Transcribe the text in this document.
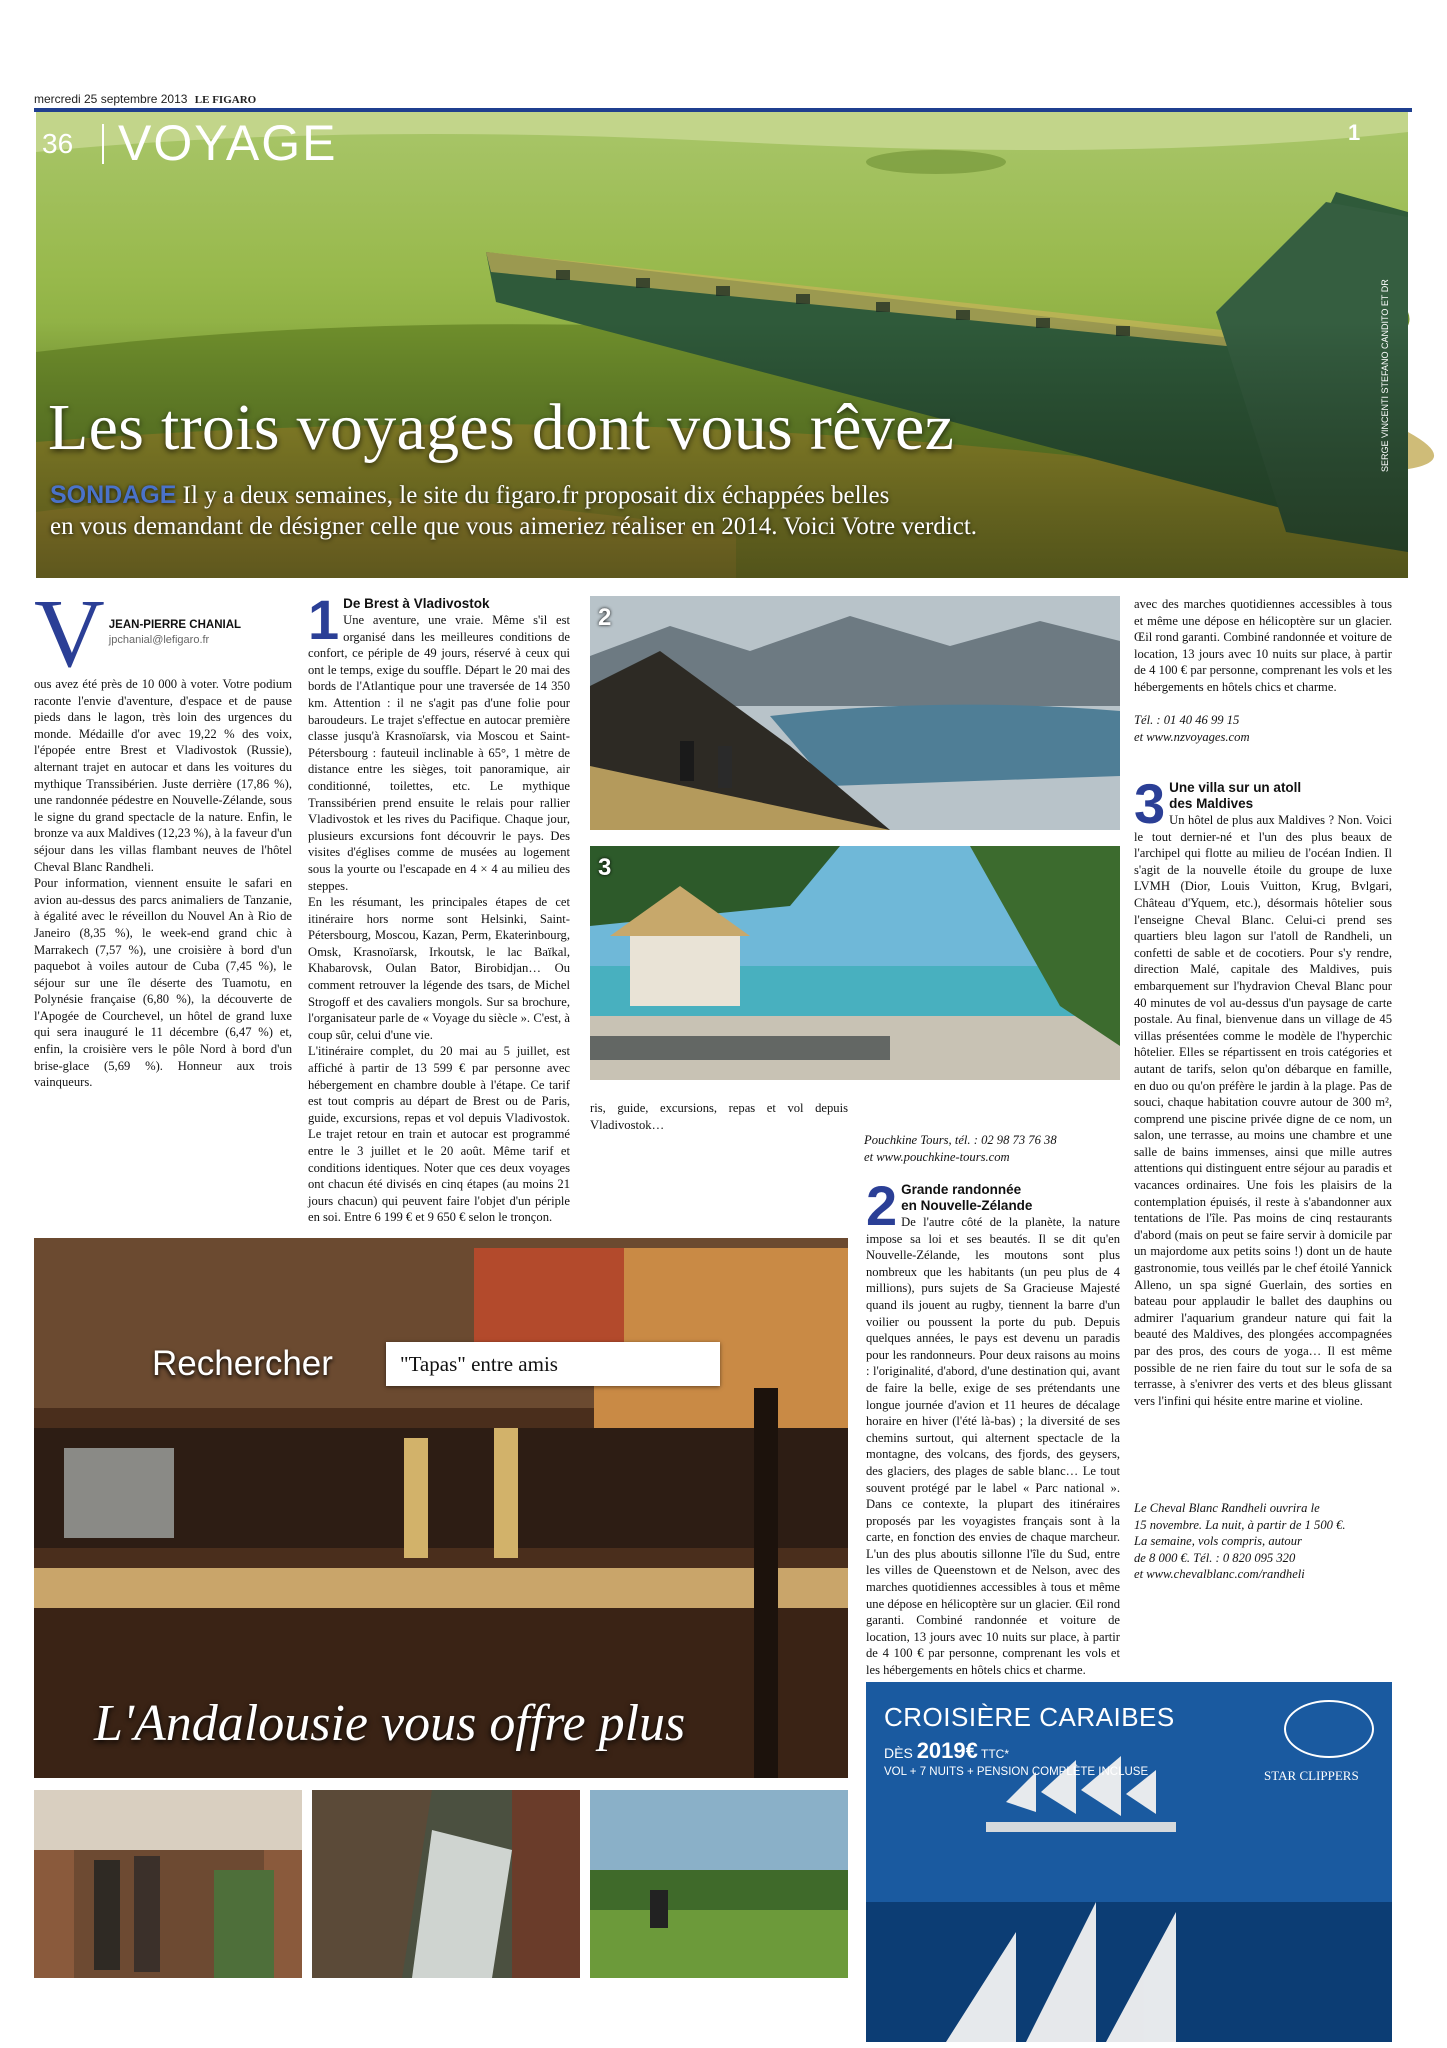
mercredi 25 septembre 2013 LE FIGARO
36 VOYAGE	1
SERGE VINCENTI STEFANO CANDITO ET DR
Les trois voyages dont vous rêvez
SONDAGE Il y a deux semaines, le site du figaro.fr proposait dix échappées belles
en vous demandant de désigner celle que vous aimeriez réaliser en 2014. Voici Votre verdict.
V JEAN-PIERRE CHANIAL
jpchanial@lefigaro.fr

ous avez été près de 10 000 à voter. Votre podium raconte l'envie d'aventure, d'espace et de pause pieds dans le lagon, très loin des urgences du monde. Médaille d'or avec 19,22 % des voix, l'épopée entre Brest et Vladivostok (Russie), alternant trajet en autocar et dans les voitures du mythique Transsibérien. Juste derrière (17,86 %), une randonnée pédestre en Nouvelle-Zélande, sous le signe du grand spectacle de la nature. Enfin, le bronze va aux Maldives (12,23 %), à la faveur d'un séjour dans les villas flambant neuves de l'hôtel Cheval Blanc Randheli.

Pour information, viennent ensuite le safari en avion au-dessus des parcs animaliers de Tanzanie, à égalité avec le réveillon du Nouvel An à Rio de Janeiro (8,35 %), le week-end grand chic à Marrakech (7,57 %), une croisière à bord d'un paquebot à voiles autour de Cuba (7,45 %), le séjour sur une île déserte des Tuamotu, en Polynésie française (6,80 %), la découverte de l'Apogée de Courchevel, un hôtel de grand luxe qui sera inauguré le 11 décembre (6,47 %) et, enfin, la croisière vers le pôle Nord à bord d'un brise-glace (5,69 %). Honneur aux trois vainqueurs.

1 De Brest à Vladivostok

Une aventure, une vraie. Même s'il est organisé dans les meilleures conditions de confort, ce périple de 49 jours, réservé à ceux qui ont le temps, exige du souffle. Départ le 20 mai des bords de l'Atlantique pour une traversée de 14 350 km. Attention : il ne s'agit pas d'une folie pour baroudeurs. Le trajet s'effectue en autocar première classe jusqu'à Krasnoïarsk, via Moscou et Saint-Pétersbourg : fauteuil inclinable à 65°, 1 mètre de distance entre les sièges, toit panoramique, air conditionné, toilettes, etc. Le mythique Transsibérien prend ensuite le relais pour rallier Vladivostok et les rives du Pacifique. Chaque jour, plusieurs excursions font découvrir le pays. Des visites d'églises comme de musées au logement sous la yourte ou l'escapade en 4 × 4 au milieu des steppes.

En les résumant, les principales étapes de cet itinéraire hors norme sont Helsinki, Saint-Pétersbourg, Moscou, Kazan, Perm, Ekaterinbourg, Omsk, Krasnoïarsk, Irkoutsk, le lac Baïkal, Khabarovsk, Oulan Bator, Birobidjan… Ou comment retrouver la légende des tsars, de Michel Strogoff et des cavaliers mongols. Sur sa brochure, l'organisateur parle de « Voyage du siècle ». C'est, à coup sûr, celui d'une vie.

L'itinéraire complet, du 20 mai au 5 juillet, est affiché à partir de 13 599 € par personne avec hébergement en chambre double à l'étape. Ce tarif est tout compris au départ de Brest ou de Paris, guide, excursions, repas et vol depuis Vladivostok. Le trajet retour en train et autocar est programmé entre le 3 juillet et le 20 août. Même tarif et conditions identiques. Noter que ces deux voyages ont chacun été divisés en cinq étapes (au moins 21 jours chacun) qui peuvent faire l'objet d'un périple en soi. Entre 6 199 € et 9 650 € selon le tronçon.

2
3

ris, guide, excursions, repas et vol depuis Vladivostok…

Pouchkine Tours, tél. : 02 98 73 76 38

et www.pouchkine-tours.com

2 Grande randonnée
en Nouvelle-Zélande

De l'autre côté de la planète, la nature impose sa loi et ses beautés. Il se dit qu'en Nouvelle-Zélande, les moutons sont plus nombreux que les habitants (un peu plus de 4 millions), purs sujets de Sa Gracieuse Majesté quand ils jouent au rugby, tiennent la barre d'un voilier ou poussent la porte du pub. Depuis quelques années, le pays est devenu un paradis pour les randonneurs. Pour deux raisons au moins : l'originalité, d'abord, d'une destination qui, avant de faire la belle, exige de ses prétendants une longue journée d'avion et 11 heures de décalage horaire en hiver (l'été là-bas) ; la diversité de ses chemins surtout, qui alternent spectacle de la montagne, des volcans, des fjords, des geysers, des glaciers, des plages de sable blanc… Le tout souvent protégé par le label « Parc national ». Dans ce contexte, la plupart des itinéraires proposés par les voyagistes français sont à la carte, en fonction des envies de chaque marcheur. L'un des plus aboutis sillonne l'île du Sud, entre les villes de Queenstown et de Nelson, avec des marches quotidiennes accessibles à tous et même une dépose en hélicoptère sur un glacier. Œil rond garanti. Combiné randonnée et voiture de location, 13 jours avec 10 nuits sur place, à partir de 4 100 € par personne, comprenant les vols et les hébergements en hôtels chics et charme.

avec des marches quotidiennes accessibles à tous et même une dépose en hélicoptère sur un glacier. Œil rond garanti. Combiné randonnée et voiture de location, 13 jours avec 10 nuits sur place, à partir de 4 100 € par personne, comprenant les vols et les hébergements en hôtels chics et charme.

Tél. : 01 40 46 99 15

et www.nzvoyages.com

3 Une villa sur un atoll
des Maldives

Un hôtel de plus aux Maldives ? Non. Voici le tout dernier-né et l'un des plus beaux de l'archipel qui flotte au milieu de l'océan Indien. Il s'agit de la nouvelle étoile du groupe de luxe LVMH (Dior, Louis Vuitton, Krug, Bvlgari, Château d'Yquem, etc.), désormais hôtelier sous l'enseigne Cheval Blanc. Celui-ci prend ses quartiers bleu lagon sur l'atoll de Randheli, un confetti de sable et de cocotiers. Pour s'y rendre, direction Malé, capitale des Maldives, puis embarquement sur l'hydravion Cheval Blanc pour 40 minutes de vol au-dessus d'un paysage de carte postale. Au final, bienvenue dans un village de 45 villas présentées comme le modèle de l'hyperchic hôtelier. Elles se répartissent en trois catégories et autant de tarifs, selon qu'on débarque en famille, en duo ou qu'on préfère le jardin à la plage. Pas de souci, chaque habitation couvre autour de 300 m², comprend une piscine privée digne de ce nom, un salon, une terrasse, au moins une chambre et une salle de bains immenses, ainsi que mille autres attentions qui distinguent entre séjour au paradis et vacances ordinaires. Une fois les plaisirs de la contemplation épuisés, il reste à s'abandonner aux tentations de l'île. Pas moins de cinq restaurants d'abord (mais on peut se faire servir à domicile par un majordome aux petits soins !) dont un de haute gastronomie, tous veillés par le chef étoilé Yannick Alleno, un spa signé Guerlain, des sorties en bateau pour applaudir le ballet des dauphins ou admirer l'aquarium grandeur nature qui fait la beauté des Maldives, des plongées accompagnées par des pros, des cours de yoga… Il est même possible de ne rien faire du tout sur le sofa de sa terrasse, à s'enivrer des verts et des bleus glissant vers l'infini qui hésite entre marine et violine.

Le Cheval Blanc Randheli ouvrira le

15 novembre. La nuit, à partir de 1 500 €.

La semaine, vols compris, autour

de 8 000 €. Tél. : 0 820 095 320

et www.chevalblanc.com/randheli

Rechercher	"Tapas" entre amis
L'Andalousie vous offre plus	CROISIÈRE CARAIBES
DÈS 2019€ TTC*
VOL + 7 NUITS + PENSION COMPLÈTE INCLUSE	STAR CLIPPERS
